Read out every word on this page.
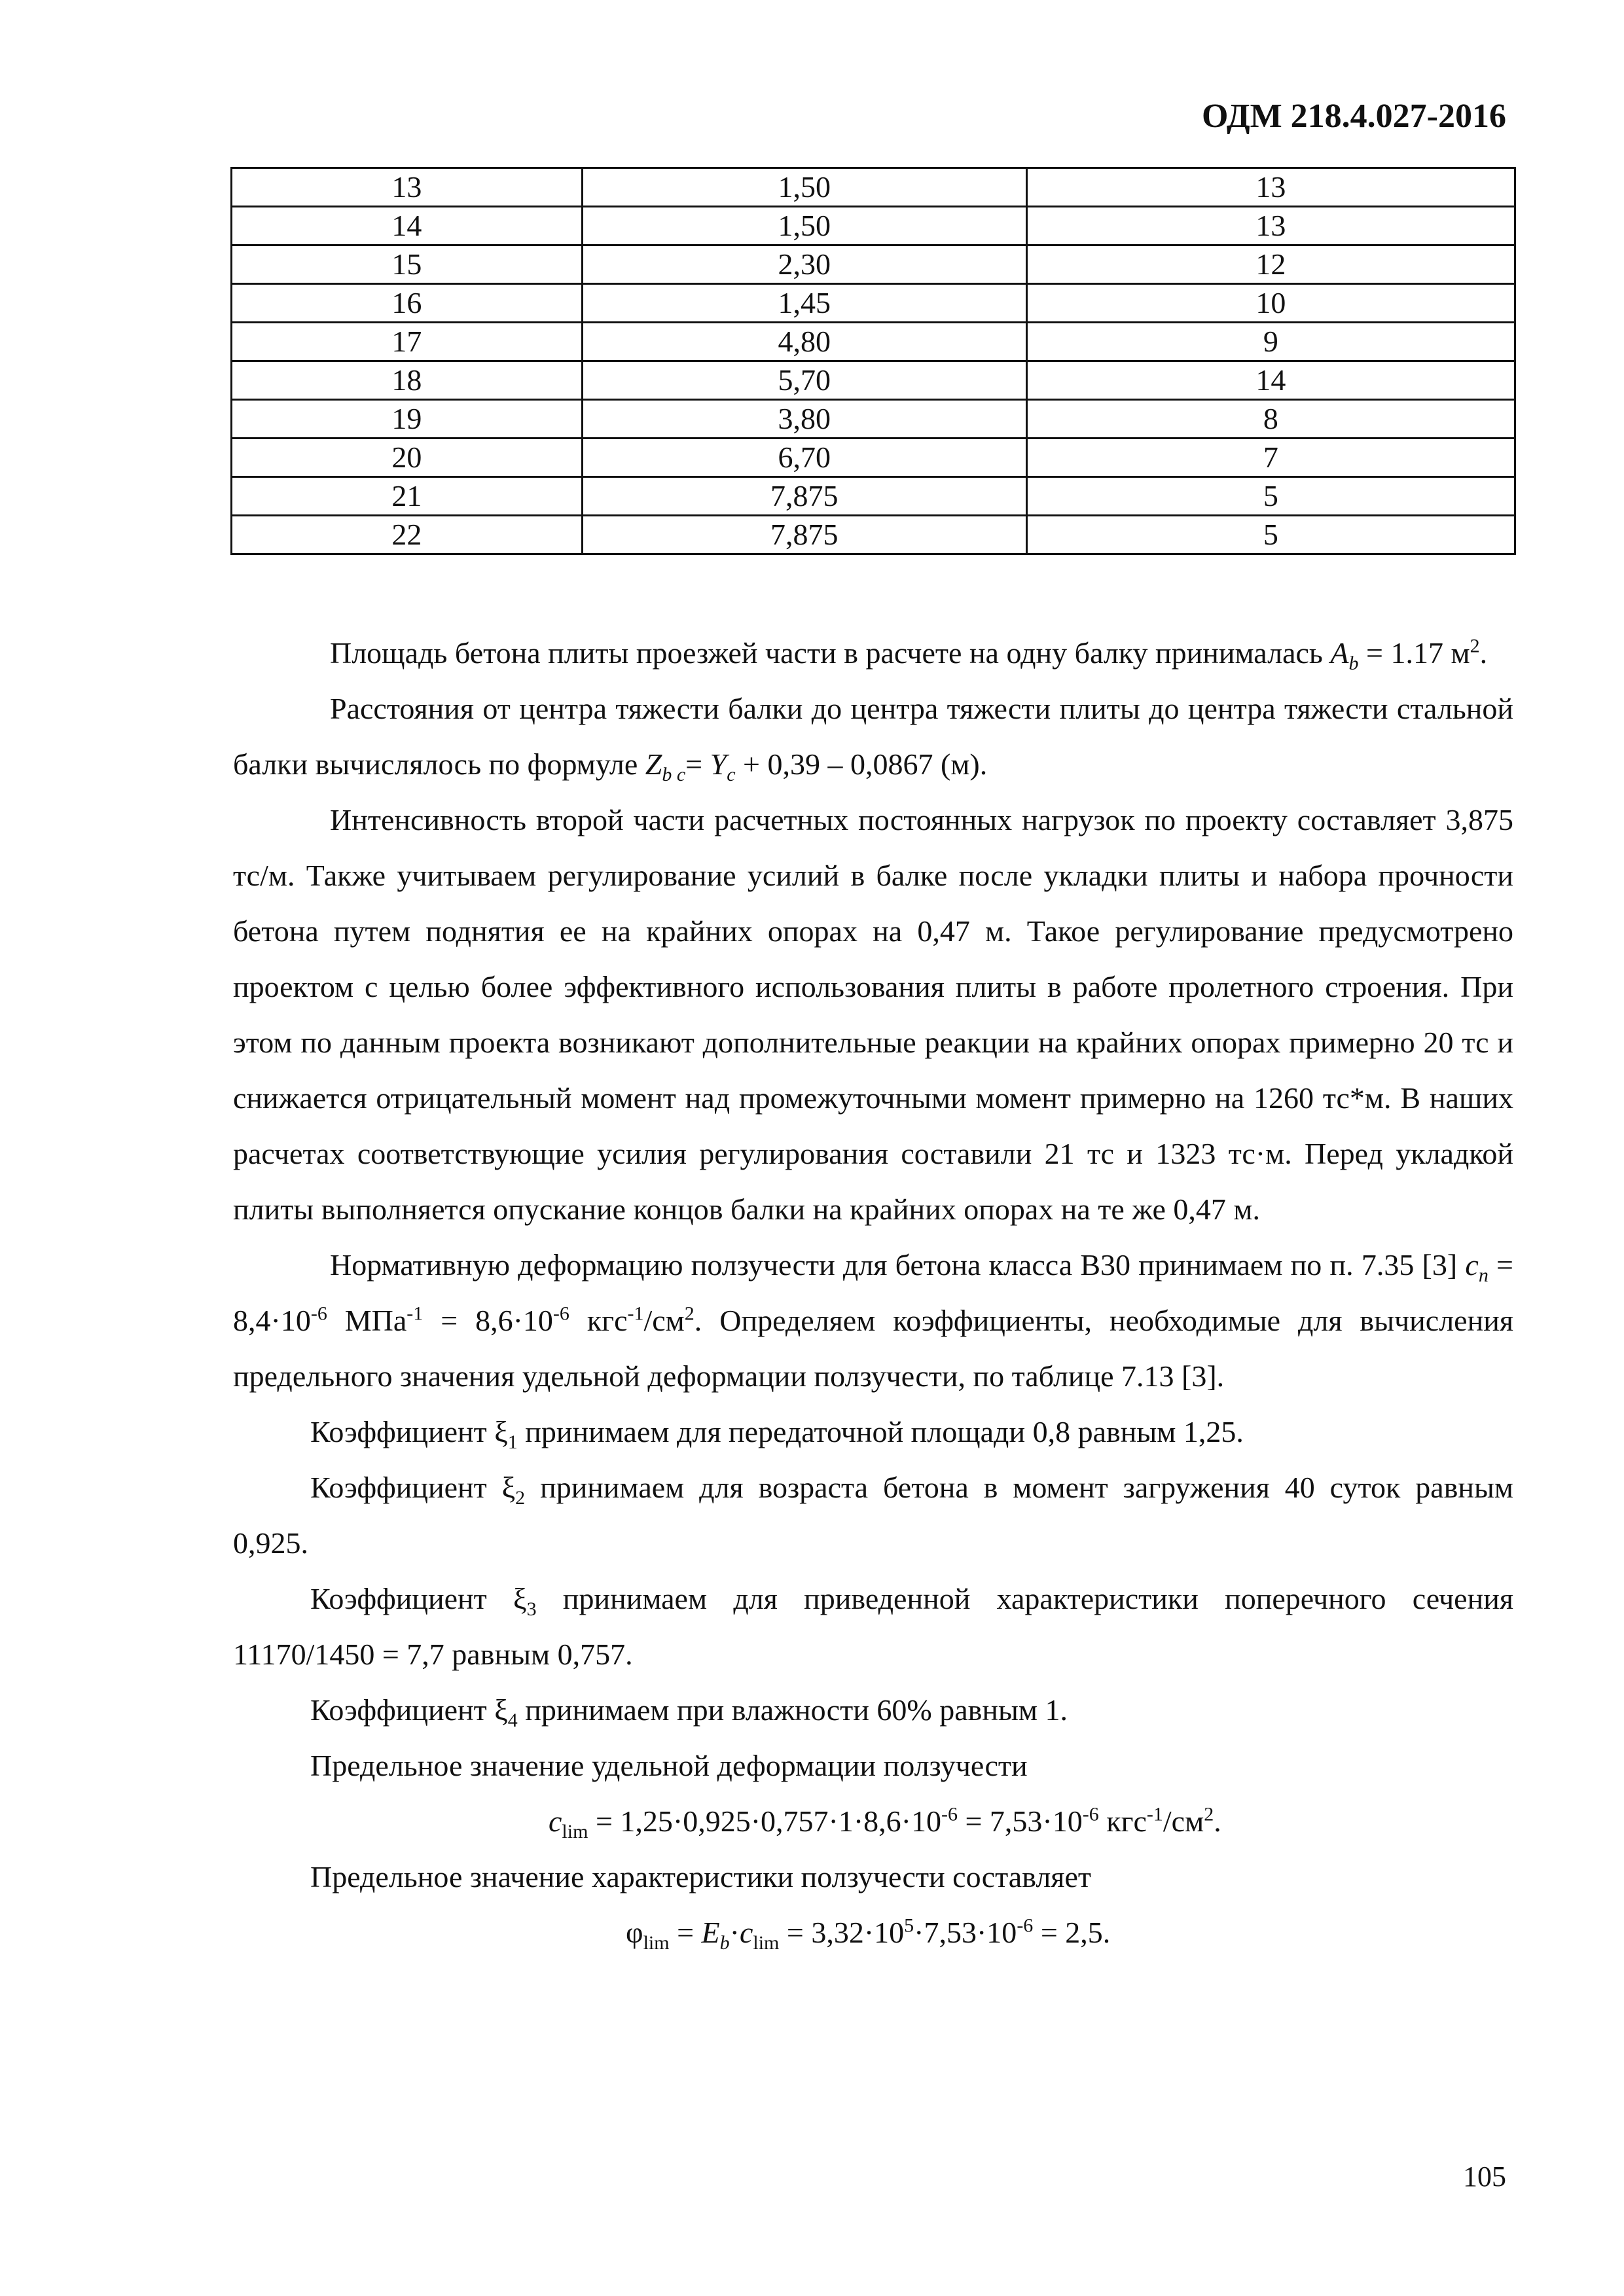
ОДМ 218.4.027-2016
13	1,50	13
14	1,50	13
15	2,30	12
16	1,45	10
17	4,80	9
18	5,70	14
19	3,80	8
20	6,70	7
21	7,875	5
22	7,875	5

Площадь бетона плиты проезжей части в расчете на одну балку принималась $A_b = 1.17$ $м^2$.

Расстояния от центра тяжести балки до центра тяжести плиты до центра тяжести стальной балки вычислялось по формуле $Z_{b c}= Y_c + 0,39 - 0,0867$ (м).

Интенсивность второй части расчетных постоянных нагрузок по проекту составляет 3,875 тс/м. Также учитываем регулирование усилий в балке после укладки плиты и набора прочности бетона путем поднятия ее на крайних опорах на 0,47 м. Такое регулирование предусмотрено проектом с целью более эффективного использования плиты в работе пролетного строения. При этом по данным проекта возникают дополнительные реакции на крайних опорах примерно 20 тс и снижается отрицательный момент над промежуточными момент примерно на 1260 тс*м. В наших расчетах соответствующие усилия регулирования составили 21 тс и 1323 тс·м. Перед укладкой плиты выполняется опускание концов балки на крайних опорах на те же 0,47 м.

Нормативную деформацию ползучести для бетона класса В30 принимаем по п. 7.35 [3] $c_n = 8,4\cdot 10^{-6}$ $МПа^{-1} = 8,6\cdot 10^{-6}$ $кгс^{-1}/см^2$. Определяем коэффициенты, необходимые для вычисления предельного значения удельной деформации ползучести, по таблице 7.13 [3].

Коэффициент $\xi_1$ принимаем для передаточной площади 0,8 равным 1,25.

Коэффициент $\xi_2$ принимаем для возраста бетона в момент загружения 40 суток равным 0,925.

Коэффициент $\xi_3$ принимаем для приведенной характеристики поперечного сечения 11170/1450 = 7,7 равным 0,757.

Коэффициент $\xi_4$ принимаем при влажности 60% равным 1.

Предельное значение удельной деформации ползучести

$c_{lim} = 1,25\cdot 0,925\cdot 0,757\cdot 1\cdot 8,6\cdot 10^{-6} = 7,53\cdot 10^{-6}$ $кгс^{-1}/см^2$.

Предельное значение характеристики ползучести составляет

$\varphi_{lim} = E_b\cdot c_{lim} = 3,32\cdot 10^5\cdot 7,53\cdot 10^{-6} = 2,5$.

105
